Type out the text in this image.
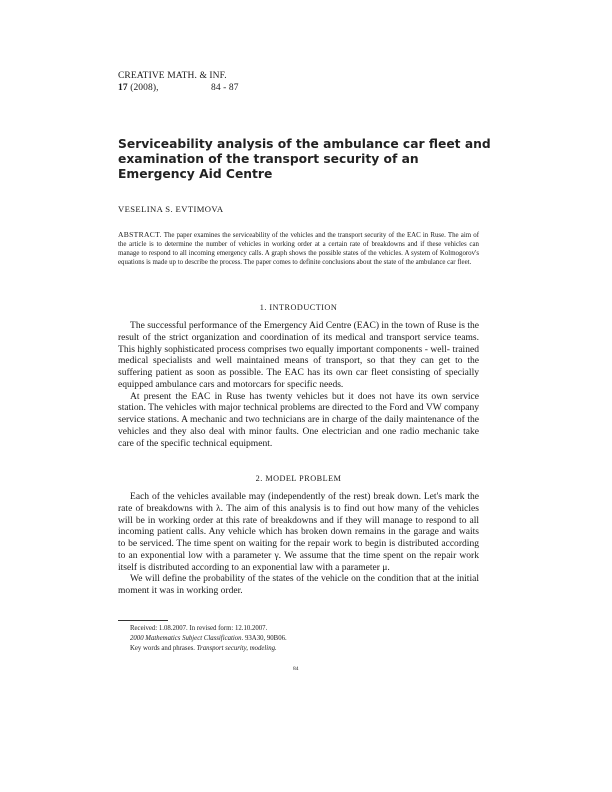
CREATIVE MATH. & INF.
17 (2008),	84 - 87
Serviceability analysis of the ambulance car fleet and examination of the transport security of an Emergency Aid Centre
VESELINA S. EVTIMOVA
ABSTRACT. The paper examines the serviceability of the vehicles and the transport security of the EAC in Ruse. The aim of the article is to determine the number of vehicles in working order at a certain rate of breakdowns and if these vehicles can manage to respond to all incoming emergency calls. A graph shows the possible states of the vehicles. A system of Kolmogorov's equations is made up to describe the process. The paper comes to definite conclusions about the state of the ambulance car fleet.
1. INTRODUCTION

The successful performance of the Emergency Aid Centre (EAC) in the town of Ruse is the result of the strict organization and coordination of its medical and transport service teams. This highly sophisticated process comprises two equally important components - well- trained medical specialists and well maintained means of transport, so that they can get to the suffering patient as soon as possible. The EAC has its own car fleet consisting of specially equipped ambulance cars and motorcars for specific needs.

At present the EAC in Ruse has twenty vehicles but it does not have its own service station. The vehicles with major technical problems are directed to the Ford and VW company service stations. A mechanic and two technicians are in charge of the daily maintenance of the vehicles and they also deal with minor faults. One electrician and one radio mechanic take care of the specific technical equipment.

2. MODEL PROBLEM

Each of the vehicles available may (independently of the rest) break down. Let's mark the rate of breakdowns with λ. The aim of this analysis is to find out how many of the vehicles will be in working order at this rate of breakdowns and if they will manage to respond to all incoming patient calls. Any vehicle which has broken down remains in the garage and waits to be serviced. The time spent on waiting for the repair work to begin is distributed according to an exponential low with a parameter γ. We assume that the time spent on the repair work itself is distributed according to an exponential law with a parameter μ.

We will define the probability of the states of the vehicle on the condition that at the initial moment it was in working order.

Received: 1.08.2007. In revised form: 12.10.2007.
2000 Mathematics Subject Classification. 93A30, 90B06.
Key words and phrases. Transport security, modeling.
84
